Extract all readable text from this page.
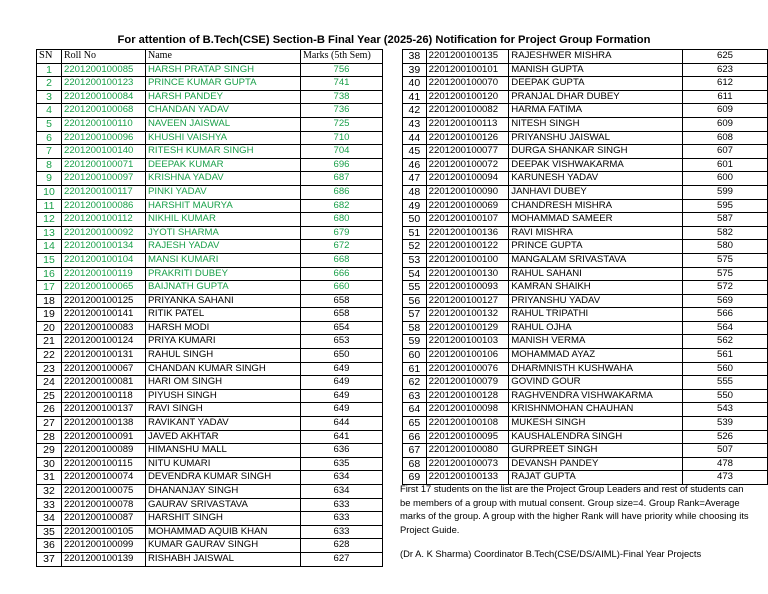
For attention of B.Tech(CSE) Section-B Final Year (2025-26) Notification for Project Group Formation
SN	Roll No	Name	Marks (5th Sem)
1	2201200100085	HARSH PRATAP SINGH	756
2	2201200100123	PRINCE KUMAR GUPTA	741
3	2201200100084	HARSH PANDEY	738
4	2201200100068	CHANDAN YADAV	736
5	2201200100110	NAVEEN JAISWAL	725
6	2201200100096	KHUSHI VAISHYA	710
7	2201200100140	RITESH KUMAR SINGH	704
8	2201200100071	DEEPAK KUMAR	696
9	2201200100097	KRISHNA YADAV	687
10	2201200100117	PINKI YADAV	686
11	2201200100086	HARSHIT MAURYA	682
12	2201200100112	NIKHIL KUMAR	680
13	2201200100092	JYOTI SHARMA	679
14	2201200100134	RAJESH YADAV	672
15	2201200100104	MANSI KUMARI	668
16	2201200100119	PRAKRITI DUBEY	666
17	2201200100065	BAIJNATH GUPTA	660
18	2201200100125	PRIYANKA SAHANI	658
19	2201200100141	RITIK PATEL	658
20	2201200100083	HARSH MODI	654
21	2201200100124	PRIYA KUMARI	653
22	2201200100131	RAHUL SINGH	650
23	2201200100067	CHANDAN KUMAR SINGH	649
24	2201200100081	HARI OM SINGH	649
25	2201200100118	PIYUSH SINGH	649
26	2201200100137	RAVI SINGH	649
27	2201200100138	RAVIKANT YADAV	644
28	2201200100091	JAVED AKHTAR	641
29	2201200100089	HIMANSHU MALL	636
30	2201200100115	NITU KUMARI	635
31	2201200100074	DEVENDRA KUMAR SINGH	634
32	2201200100075	DHANANJAY SINGH	634
33	2201200100078	GAURAV SRIVASTAVA	633
34	2201200100087	HARSHIT SINGH	633
35	2201200100105	MOHAMMAD AQUIB KHAN	633
36	2201200100099	KUMAR GAURAV SINGH	628
37	2201200100139	RISHABH JAISWAL	627
38	2201200100135	RAJESHWER MISHRA	625
39	2201200100101	MANISH GUPTA	623
40	2201200100070	DEEPAK GUPTA	612
41	2201200100120	PRANJAL DHAR DUBEY	611
42	2201200100082	HARMA FATIMA	609
43	2201200100113	NITESH SINGH	609
44	2201200100126	PRIYANSHU JAISWAL	608
45	2201200100077	DURGA SHANKAR SINGH	607
46	2201200100072	DEEPAK VISHWAKARMA	601
47	2201200100094	KARUNESH YADAV	600
48	2201200100090	JANHAVI DUBEY	599
49	2201200100069	CHANDRESH MISHRA	595
50	2201200100107	MOHAMMAD SAMEER	587
51	2201200100136	RAVI MISHRA	582
52	2201200100122	PRINCE GUPTA	580
53	2201200100100	MANGALAM SRIVASTAVA	575
54	2201200100130	RAHUL SAHANI	575
55	2201200100093	KAMRAN SHAIKH	572
56	2201200100127	PRIYANSHU YADAV	569
57	2201200100132	RAHUL TRIPATHI	566
58	2201200100129	RAHUL OJHA	564
59	2201200100103	MANISH VERMA	562
60	2201200100106	MOHAMMAD AYAZ	561
61	2201200100076	DHARMNISTH KUSHWAHA	560
62	2201200100079	GOVIND GOUR	555
63	2201200100128	RAGHVENDRA VISHWAKARMA	550
64	2201200100098	KRISHNMOHAN CHAUHAN	543
65	2201200100108	MUKESH SINGH	539
66	2201200100095	KAUSHALENDRA SINGH	526
67	2201200100080	GURPREET SINGH	507
68	2201200100073	DEVANSH PANDEY	478
69	2201200100133	RAJAT GUPTA	473
First 17 students on the list are the Project Group Leaders and rest of students can be members of a group with mutual consent. Group size=4. Group Rank=Average marks of the group. A group with the higher Rank will have priority while choosing its Project Guide.
(Dr A. K Sharma) Coordinator B.Tech(CSE/DS/AIML)-Final Year Projects
